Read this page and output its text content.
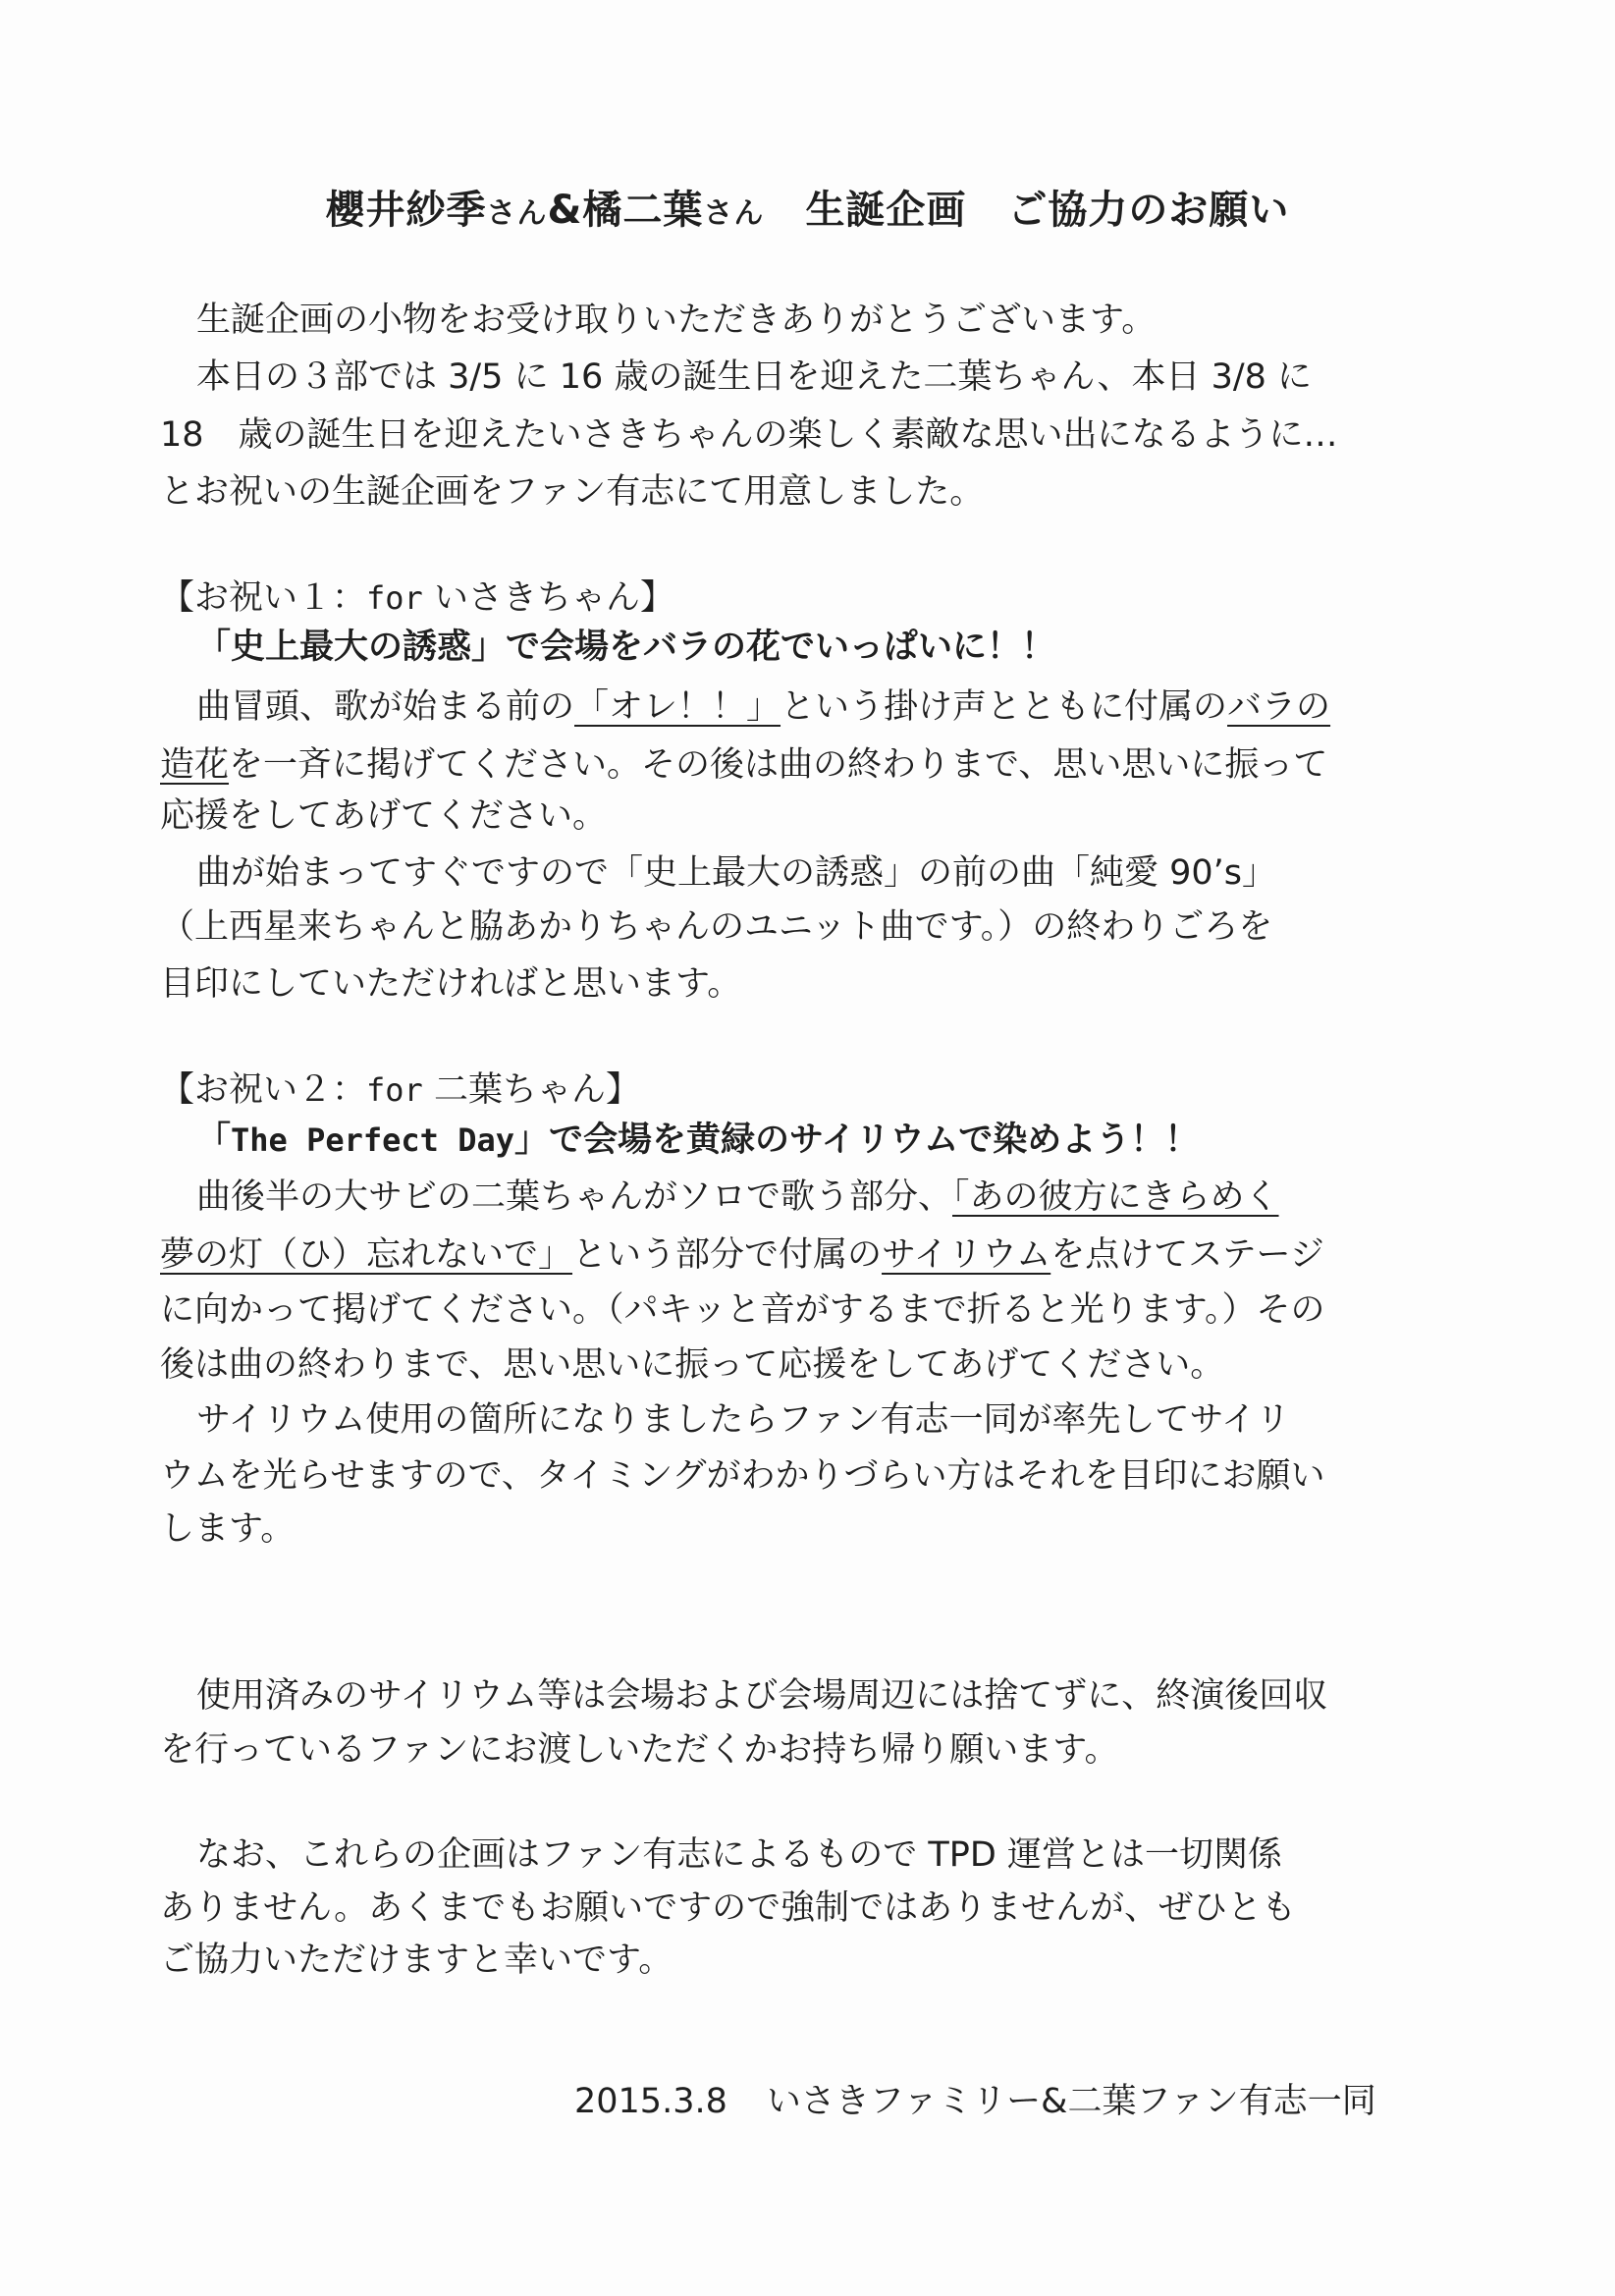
櫻井紗季さん&橘二葉さん 生誕企画 ご協力のお願い
生誕企画の小物をお受け取りいただきありがとうございます。
本日の３部では 3/5 に 16 歳の誕生日を迎えた二葉ちゃん、本日 3/8 に
18　歳の誕生日を迎えたいさきちゃんの楽しく素敵な思い出になるように…
とお祝いの生誕企画をファン有志にて用意しました。
【お祝い１：for いさきちゃん】
「史上最大の誘惑」で会場をバラの花でいっぱいに！！
曲冒頭、歌が始まる前の「オレ！！」という掛け声とともに付属のバラの
造花を一斉に掲げてください。その後は曲の終わりまで、思い思いに振って
応援をしてあげてください。
曲が始まってすぐですので「史上最大の誘惑」の前の曲「純愛 90’s」
（上西星来ちゃんと脇あかりちゃんのユニット曲です。）の終わりごろを
目印にしていただければと思います。
【お祝い２：for 二葉ちゃん】
「The Perfect Day」で会場を黄緑のサイリウムで染めよう！！
曲後半の大サビの二葉ちゃんがソロで歌う部分、「あの彼方にきらめく
夢の灯（ひ）忘れないで」という部分で付属のサイリウムを点けてステージ
に向かって掲げてください。（パキッと音がするまで折ると光ります。）その
後は曲の終わりまで、思い思いに振って応援をしてあげてください。
サイリウム使用の箇所になりましたらファン有志一同が率先してサイリ
ウムを光らせますので、タイミングがわかりづらい方はそれを目印にお願い
します。
使用済みのサイリウム等は会場および会場周辺には捨てずに、終演後回収
を行っているファンにお渡しいただくかお持ち帰り願います。
なお、これらの企画はファン有志によるもので TPD 運営とは一切関係
ありません。あくまでもお願いですので強制ではありませんが、ぜひとも
ご協力いただけますと幸いです。
2015.3.8 いさきファミリー&二葉ファン有志一同
